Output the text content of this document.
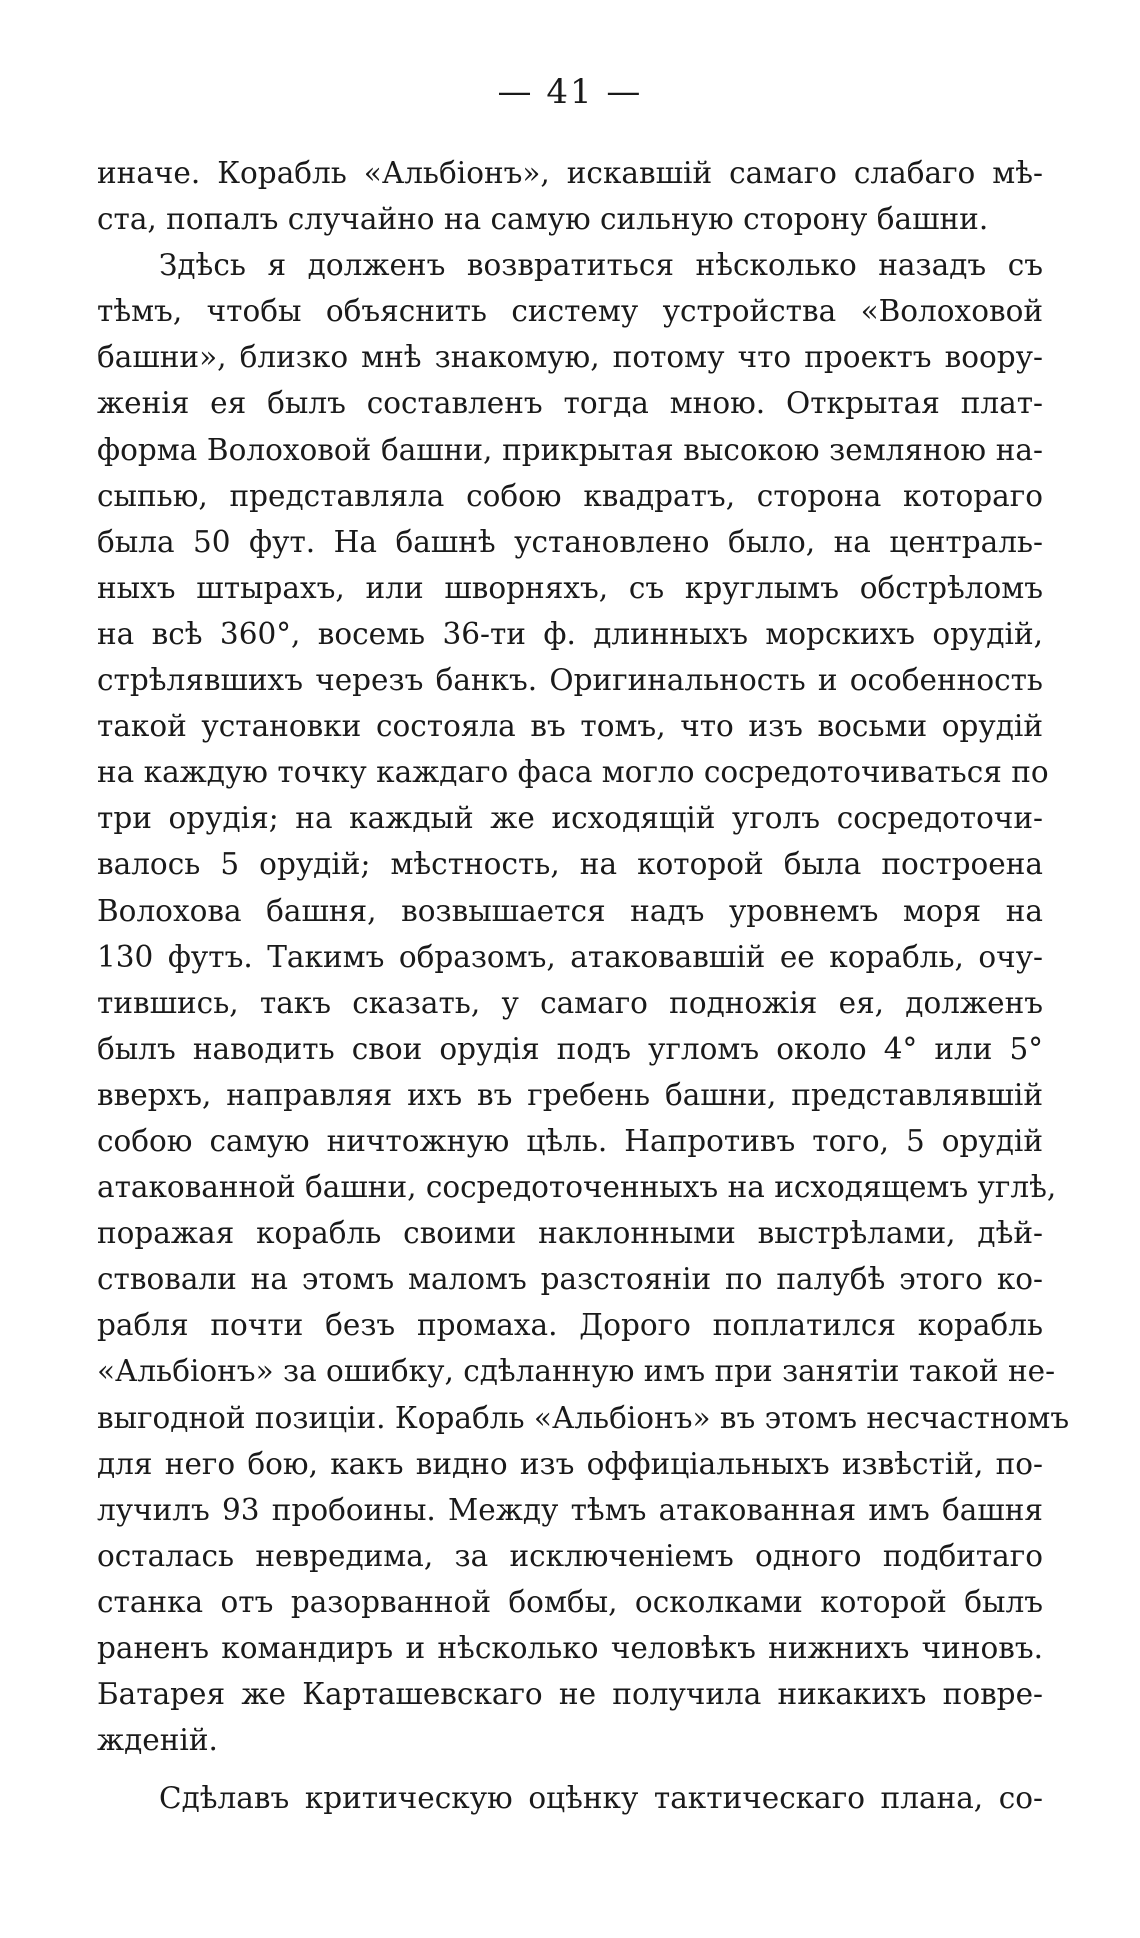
— 41 —
иначе. Корабль «Альбіонъ», искавшій самаго слабаго мѣ-
ста, попалъ случайно на самую сильную сторону башни.
Здѣсь я долженъ возвратиться нѣсколько назадъ съ
тѣмъ, чтобы объяснить систему устройства «Волоховой
башни», близко мнѣ знакомую, потому что проектъ воору-
женія ея былъ составленъ тогда мною. Открытая плат-
форма Волоховой башни, прикрытая высокою земляною на-
сыпью, представляла собою квадратъ, сторона котораго
была 50 фут. На башнѣ установлено было, на централь-
ныхъ штырахъ, или шворняхъ, съ круглымъ обстрѣломъ
на всѣ 360°, восемь 36-ти ф. длинныхъ морскихъ орудій,
стрѣлявшихъ черезъ банкъ. Оригинальность и особенность
такой установки состояла въ томъ, что изъ восьми орудій
на каждую точку каждаго фаса могло сосредоточиваться по
три орудія; на каждый же исходящій уголъ сосредоточи-
валось 5 орудій; мѣстность, на которой была построена
Волохова башня, возвышается надъ уровнемъ моря на
130 футъ. Такимъ образомъ, атаковавшій ее корабль, очу-
тившись, такъ сказать, у самаго подножія ея, долженъ
былъ наводить свои орудія подъ угломъ около 4° или 5°
вверхъ, направляя ихъ въ гребень башни, представлявшій
собою самую ничтожную цѣль. Напротивъ того, 5 орудій
атакованной башни, сосредоточенныхъ на исходящемъ углѣ,
поражая корабль своими наклонными выстрѣлами, дѣй-
ствовали на этомъ маломъ разстояніи по палубѣ этого ко-
рабля почти безъ промаха. Дорого поплатился корабль
«Альбіонъ» за ошибку, сдѣланную имъ при занятіи такой не-
выгодной позиціи. Корабль «Альбіонъ» въ этомъ несчастномъ
для него бою, какъ видно изъ оффиціальныхъ извѣстій, по-
лучилъ 93 пробоины. Между тѣмъ атакованная имъ башня
осталась невредима, за исключеніемъ одного подбитаго
станка отъ разорванной бомбы, осколками которой былъ
раненъ командиръ и нѣсколько человѣкъ нижнихъ чиновъ.
Батарея же Карташевскаго не получила никакихъ повре-
жденій.
Сдѣлавъ критическую оцѣнку тактическаго плана, со-
